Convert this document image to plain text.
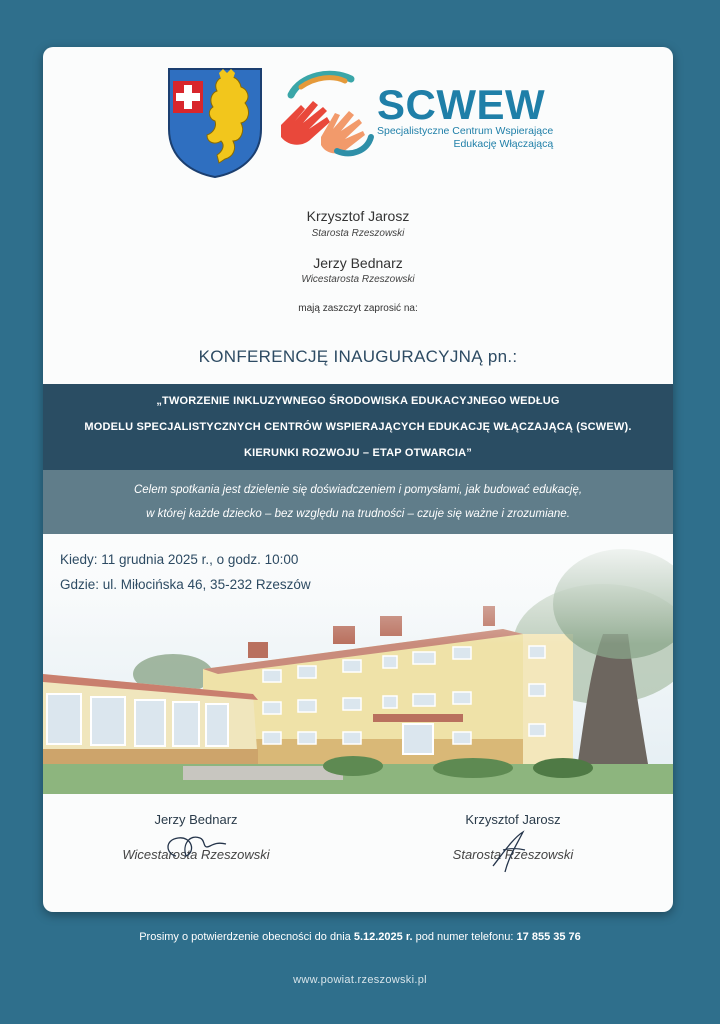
SCWEW
Specjalistyczne Centrum Wspierające
Edukację Włączającą
Krzysztof Jarosz
Starosta Rzeszowski
Jerzy Bednarz
Wicestarosta Rzeszowski
mają zaszczyt zaprosić na:
KONFERENCJĘ INAUGURACYJNĄ pn.:
„TWORZENIE INKLUZYWNEGO ŚRODOWISKA EDUKACYJNEGO WEDŁUG
MODELU SPECJALISTYCZNYCH CENTRÓW WSPIERAJĄCYCH EDUKACJĘ WŁĄCZAJĄCĄ (SCWEW).
KIERUNKI ROZWOJU – ETAP OTWARCIA”
Celem spotkania jest dzielenie się doświadczeniem i pomysłami, jak budować edukację,
w której każde dziecko – bez względu na trudności – czuje się ważne i zrozumiane.
Kiedy: 11 grudnia 2025 r., o godz. 10:00
Gdzie: ul. Miłocińska 46, 35-232 Rzeszów
Jerzy Bednarz
Wicestarosta Rzeszowski
Krzysztof Jarosz
Starosta Rzeszowski
Prosimy o potwierdzenie obecności do dnia 5.12.2025 r. pod numer telefonu: 17 855 35 76
www.powiat.rzeszowski.pl
